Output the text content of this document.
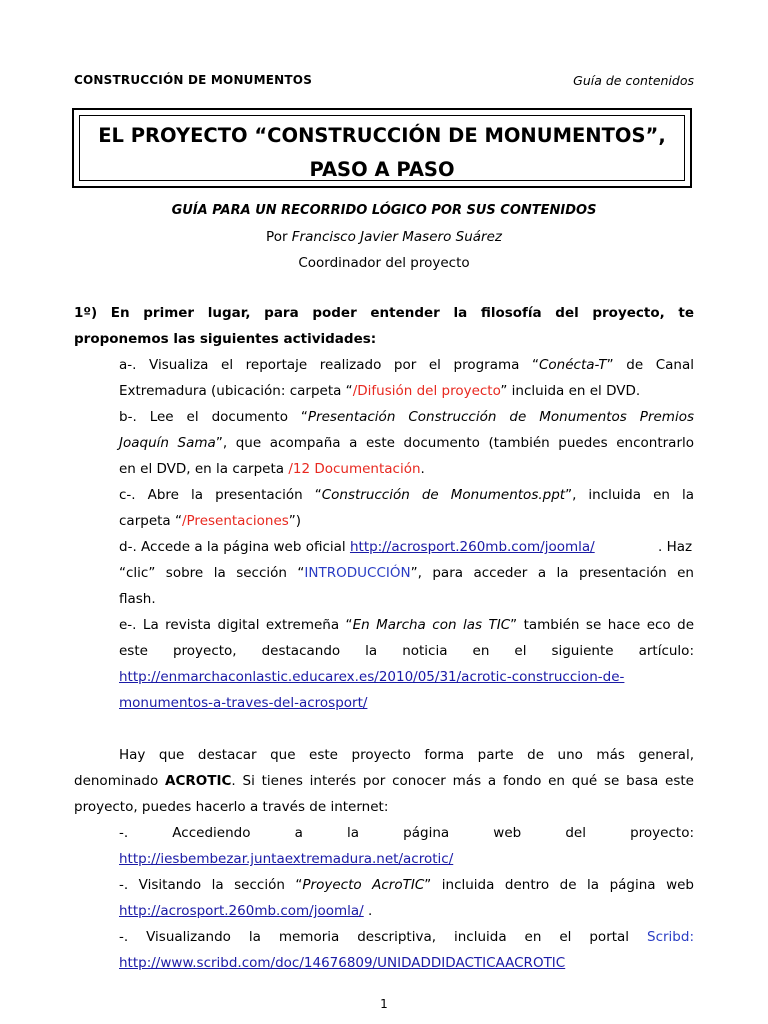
CONSTRUCCIÓN DE MONUMENTOS	Guía de contenidos
EL PROYECTO “CONSTRUCCIÓN DE MONUMENTOS”,
PASO A PASO
GUÍA PARA UN RECORRIDO LÓGICO POR SUS CONTENIDOS
Por Francisco Javier Masero Suárez
Coordinador del proyecto
1º) En primer lugar, para poder entender la filosofía del proyecto, te
proponemos las siguientes actividades:
a-. Visualiza el reportaje realizado por el programa “Conécta-T” de Canal
Extremadura (ubicación: carpeta “/Difusión del proyecto” incluida en el DVD.
b-. Lee el documento “Presentación Construcción de Monumentos Premios
Joaquín Sama”, que acompaña a este documento (también puedes encontrarlo
en el DVD, en la carpeta /12 Documentación.
c-. Abre la presentación “Construcción de Monumentos.ppt”, incluida en la
carpeta “/Presentaciones”)
d-. Accede a la página web oficial http://acrosport.260mb.com/joomla/	. Haz
“clic” sobre la sección “INTRODUCCIÓN”, para acceder a la presentación en
flash.
e-. La revista digital extremeña “En Marcha con las TIC” también se hace eco de
este proyecto, destacando la noticia en el siguiente artículo:
http://enmarchaconlastic.educarex.es/2010/05/31/acrotic-construccion-de-
monumentos-a-traves-del-acrosport/
Hay que destacar que este proyecto forma parte de uno más general,
denominado ACROTIC. Si tienes interés por conocer más a fondo en qué se basa este
proyecto, puedes hacerlo a través de internet:
-. Accediendo a la página web del proyecto:
http://iesbembezar.juntaextremadura.net/acrotic/
-. Visitando la sección “Proyecto AcroTIC” incluida dentro de la página web
http://acrosport.260mb.com/joomla/ .
-. Visualizando la memoria descriptiva, incluida en el portal Scribd:
http://www.scribd.com/doc/14676809/UNIDADDIDACTICAACROTIC
1
